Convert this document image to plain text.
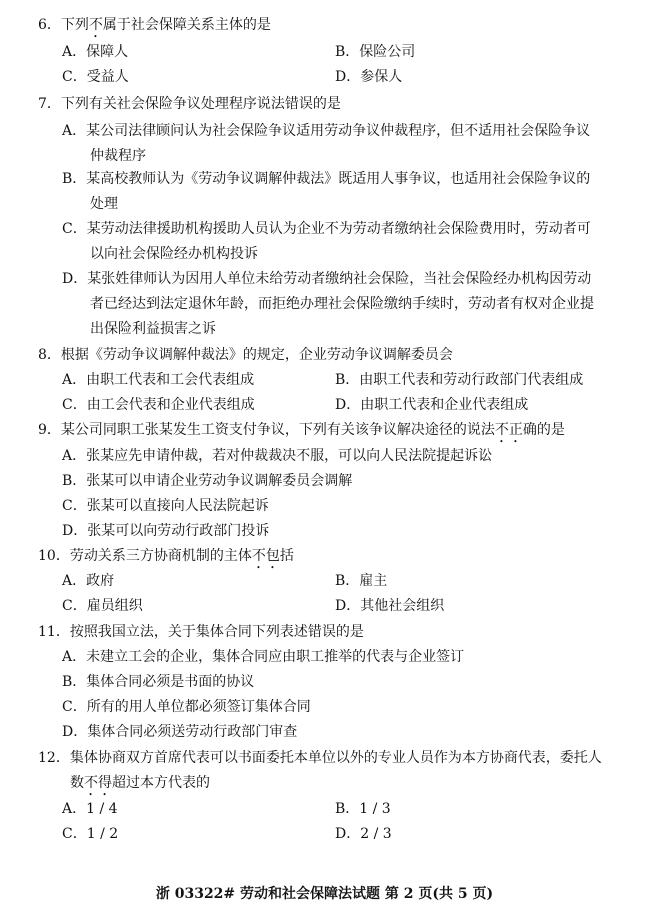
6．下列不属于社会保障关系主体的是
A．保障人	B．保险公司
C．受益人	D．参保人
7．下列有关社会保险争议处理程序说法错误的是
A．某公司法律顾问认为社会保险争议适用劳动争议仲裁程序，但不适用社会保险争议
仲裁程序
B．某高校教师认为《劳动争议调解仲裁法》既适用人事争议，也适用社会保险争议的
处理
C．某劳动法律援助机构援助人员认为企业不为劳动者缴纳社会保险费用时，劳动者可
以向社会保险经办机构投诉
D．某张姓律师认为因用人单位未给劳动者缴纳社会保险，当社会保险经办机构因劳动
者已经达到法定退休年龄，而拒绝办理社会保险缴纳手续时，劳动者有权对企业提
出保险利益损害之诉
8．根据《劳动争议调解仲裁法》的规定，企业劳动争议调解委员会
A．由职工代表和工会代表组成	B．由职工代表和劳动行政部门代表组成
C．由工会代表和企业代表组成	D．由职工代表和企业代表组成
9．某公司同职工张某发生工资支付争议，下列有关该争议解决途径的说法不正确的是
A．张某应先申请仲裁，若对仲裁裁决不服，可以向人民法院提起诉讼
B．张某可以申请企业劳动争议调解委员会调解
C．张某可以直接向人民法院起诉
D．张某可以向劳动行政部门投诉
10．劳动关系三方协商机制的主体不包括
A．政府	B．雇主
C．雇员组织	D．其他社会组织
11．按照我国立法，关于集体合同下列表述错误的是
A．未建立工会的企业，集体合同应由职工推举的代表与企业签订
B．集体合同必须是书面的协议
C．所有的用人单位都必须签订集体合同
D．集体合同必须送劳动行政部门审查
12．集体协商双方首席代表可以书面委托本单位以外的专业人员作为本方协商代表，委托人
数不得超过本方代表的
A．1 / 4	B．1 / 3
C．1 / 2	D．2 / 3
浙 03322# 劳动和社会保障法试题 第 2 页(共 5 页)
